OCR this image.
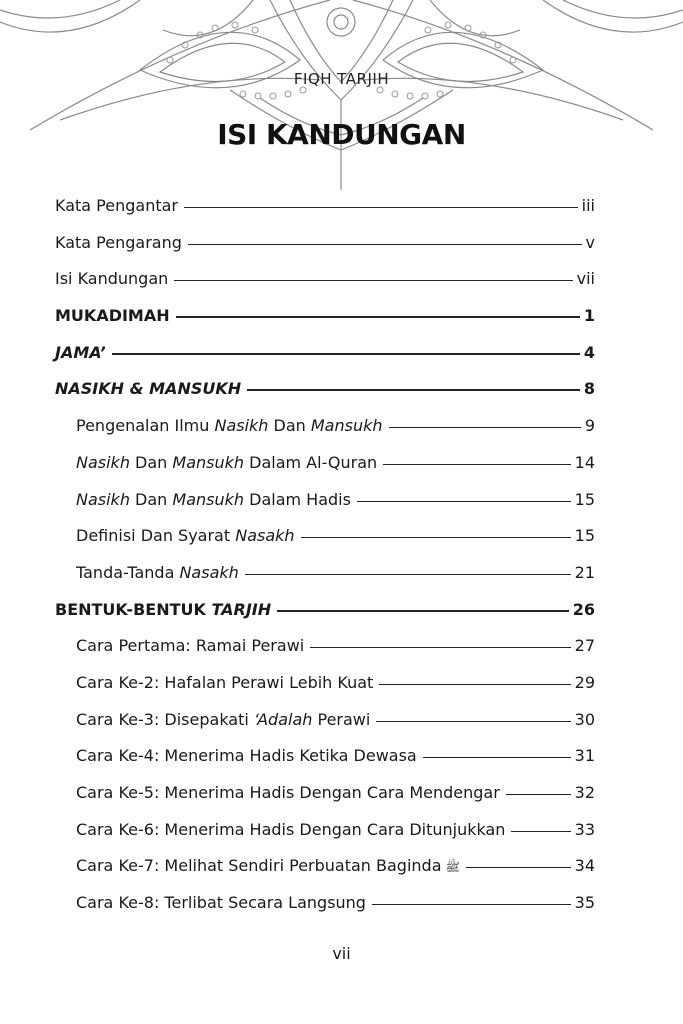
FIQH TARJIH
ISI KANDUNGAN
Kata Pengantar	iii
Kata Pengarang	v
Isi Kandungan	vii
MUKADIMAH	1
JAMA’	4
NASIKH & MANSUKH	8
Pengenalan Ilmu Nasikh Dan Mansukh	9
Nasikh Dan Mansukh Dalam Al-Quran	14
Nasikh Dan Mansukh Dalam Hadis	15
Definisi Dan Syarat Nasakh	15
Tanda-Tanda Nasakh	21
BENTUK-BENTUK TARJIH	26
Cara Pertama: Ramai Perawi	27
Cara Ke-2: Hafalan Perawi Lebih Kuat	29
Cara Ke-3: Disepakati ‘Adalah Perawi	30
Cara Ke-4: Menerima Hadis Ketika Dewasa	31
Cara Ke-5: Menerima Hadis Dengan Cara Mendengar	32
Cara Ke-6: Menerima Hadis Dengan Cara Ditunjukkan	33
Cara Ke-7: Melihat Sendiri Perbuatan Baginda ﷺ	34
Cara Ke-8: Terlibat Secara Langsung	35
vii
